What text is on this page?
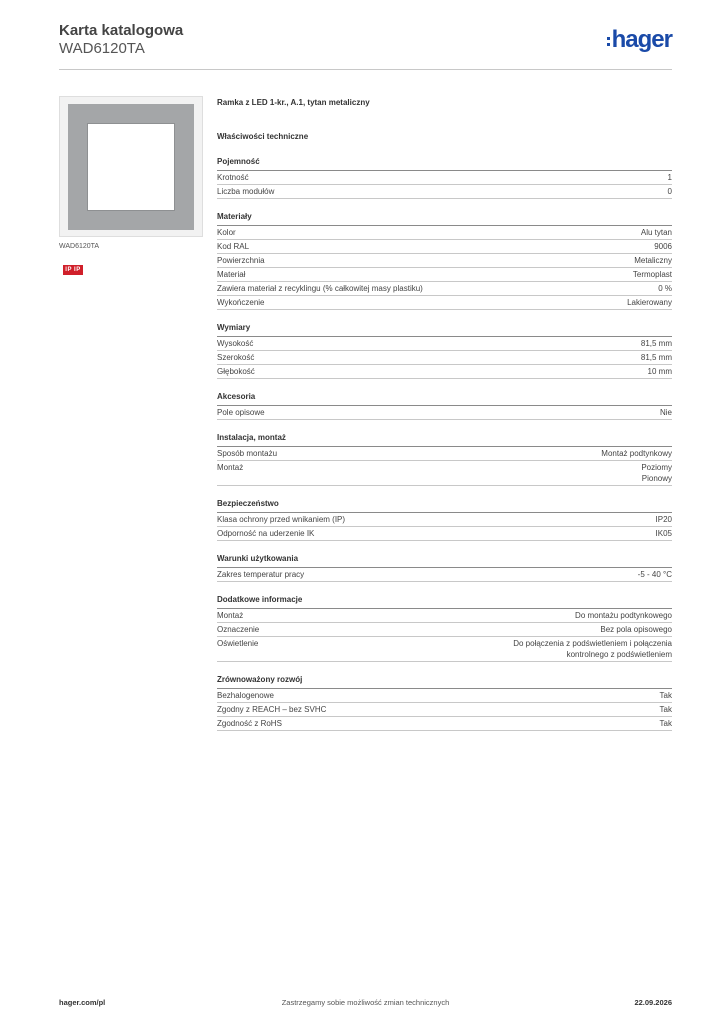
Karta katalogowa
WAD6120TA	hager
WAD6120TA
IP IP
Ramka z LED 1-kr., A.1, tytan metaliczny
Właściwości techniczne
Pojemność
Krotność	1
Liczba modułów	0
Materiały
Kolor	Alu tytan
Kod RAL	9006
Powierzchnia	Metaliczny
Materiał	Termoplast
Zawiera materiał z recyklingu (% całkowitej masy plastiku)	0 %
Wykończenie	Lakierowany
Wymiary
Wysokość	81,5 mm
Szerokość	81,5 mm
Głębokość	10 mm
Akcesoria
Pole opisowe	Nie
Instalacja, montaż
Sposób montażu	Montaż podtynkowy
Montaż	Poziomy
Pionowy
Bezpieczeństwo
Klasa ochrony przed wnikaniem (IP)	IP20
Odporność na uderzenie IK	IK05
Warunki użytkowania
Zakres temperatur pracy	-5 - 40 °C
Dodatkowe informacje
Montaż	Do montażu podtynkowego
Oznaczenie	Bez pola opisowego
Oświetlenie	Do połączenia z podświetleniem i połączenia
kontrolnego z podświetleniem
Zrównoważony rozwój
Bezhalogenowe	Tak
Zgodny z REACH – bez SVHC	Tak
Zgodność z RoHS	Tak
hager.com/pl	Zastrzegamy sobie możliwość zmian technicznych	22.09.2026
